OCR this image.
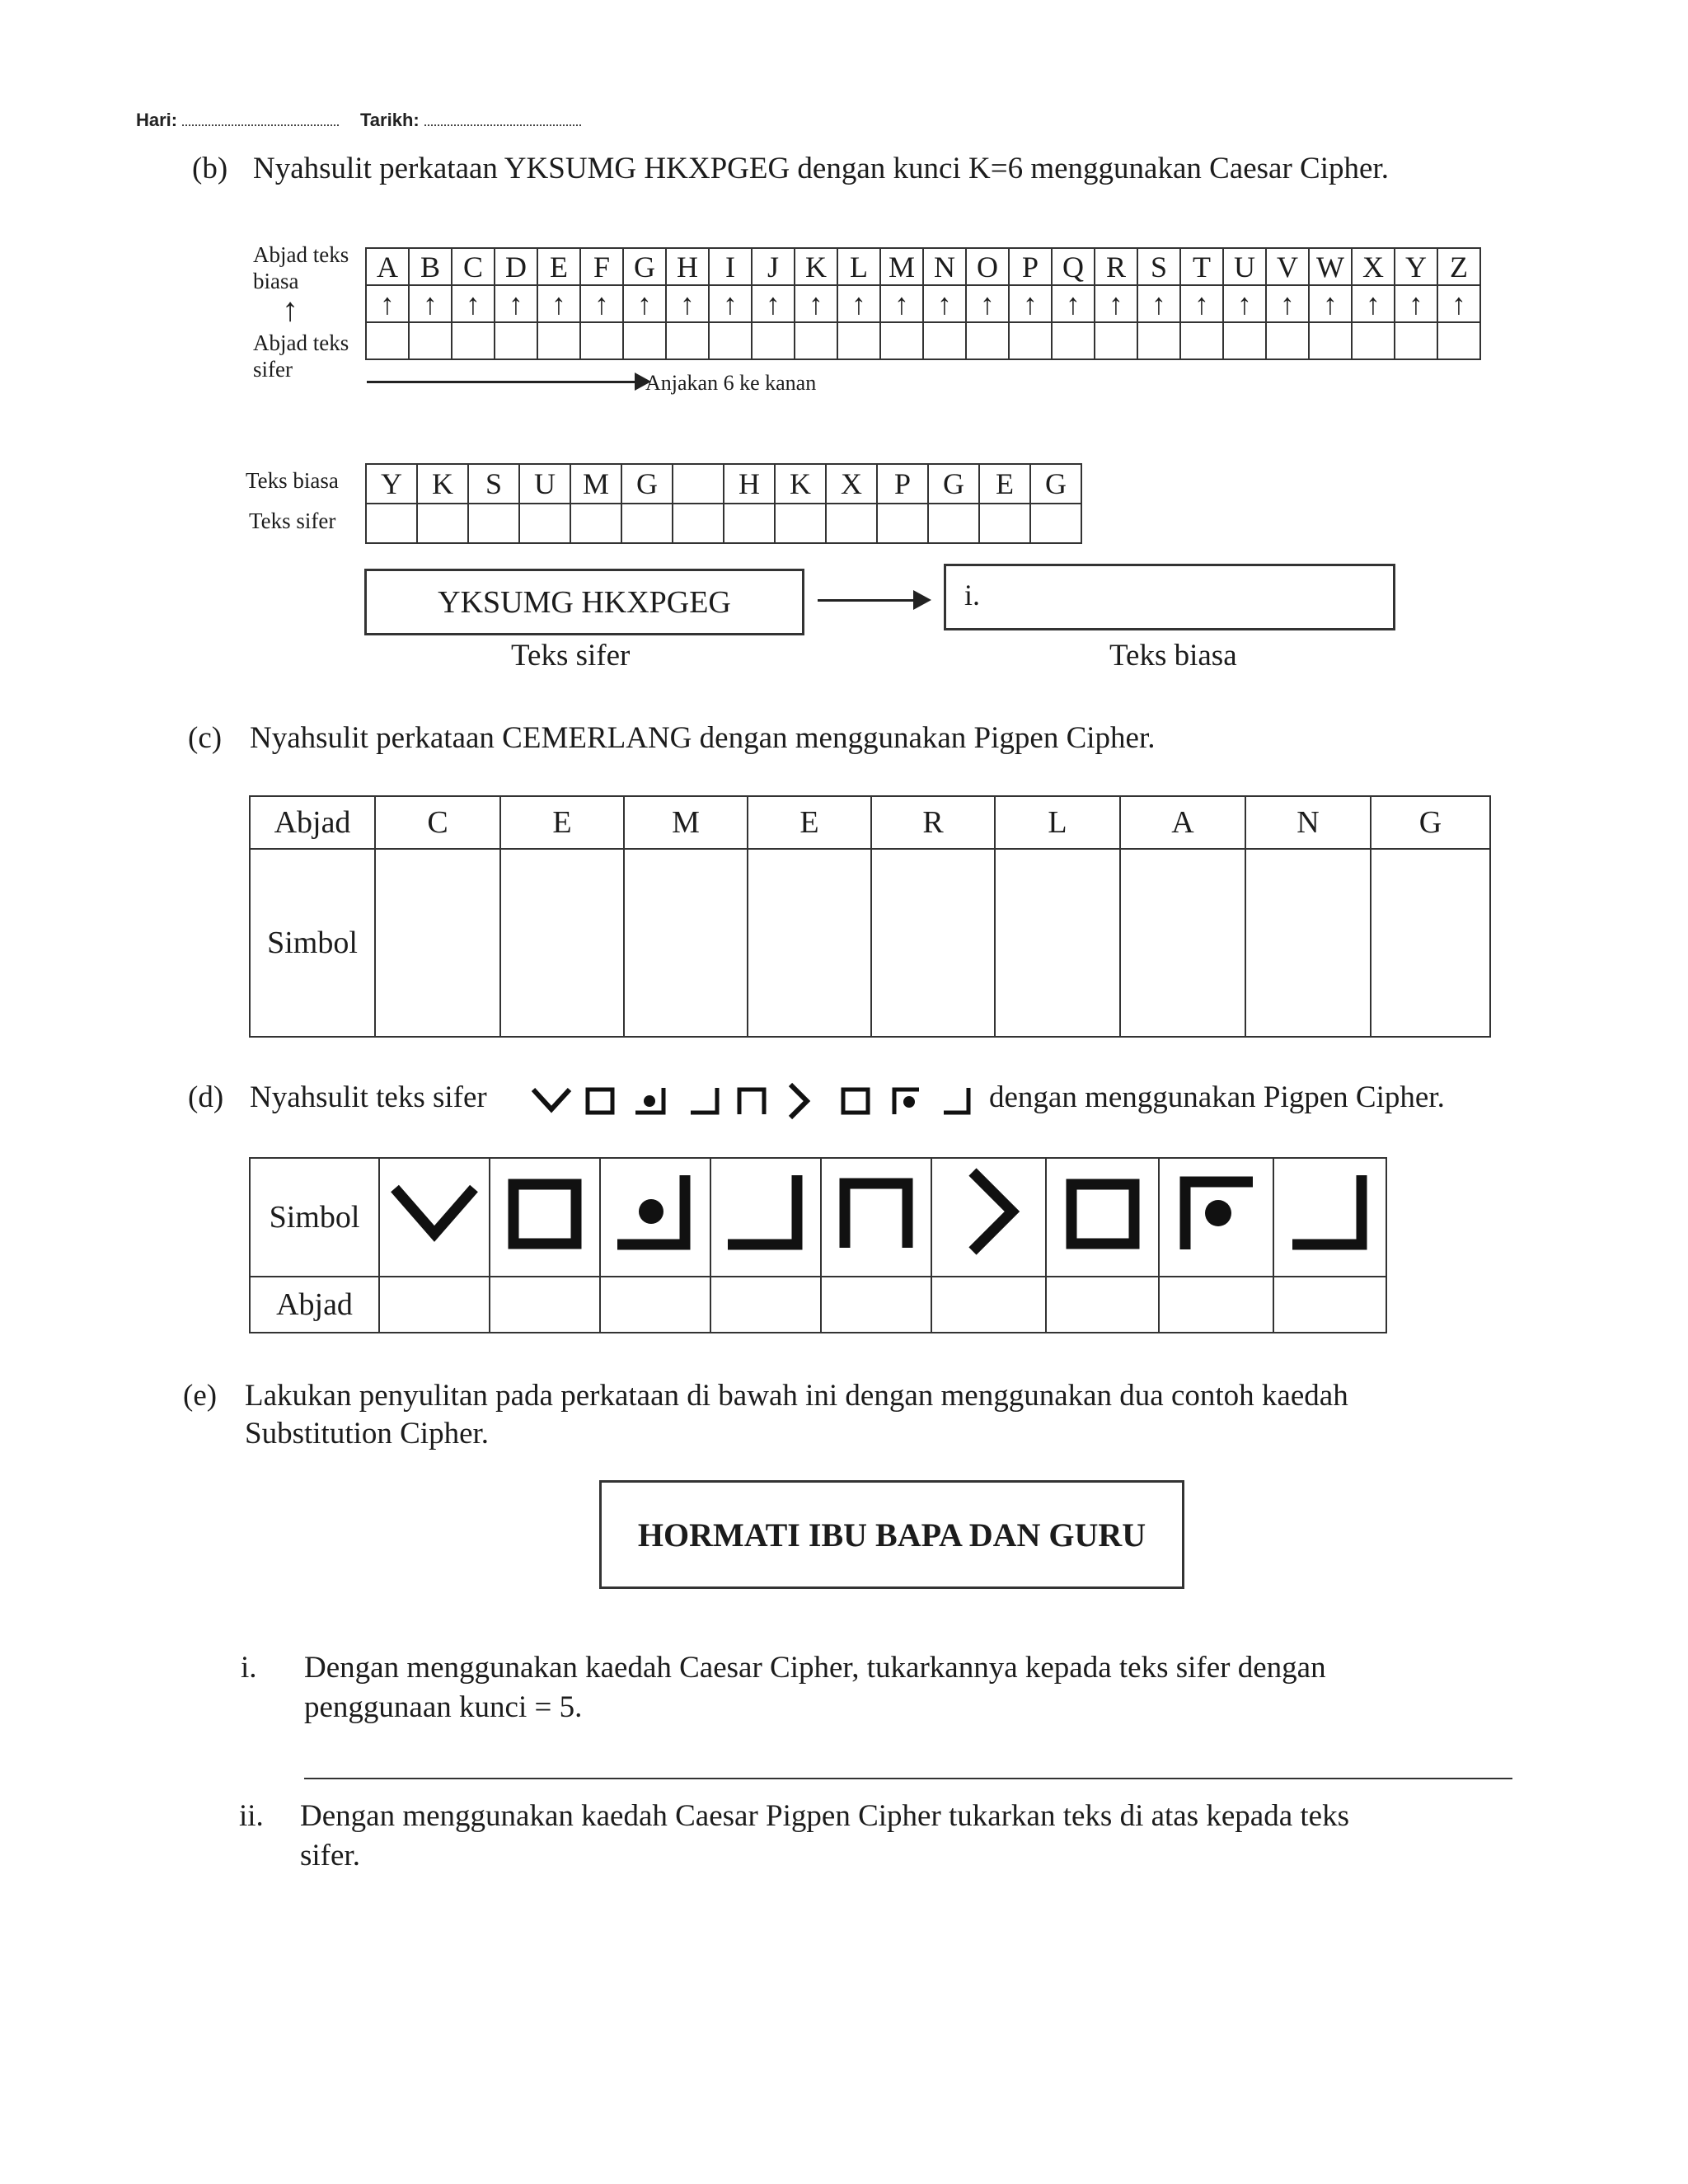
Hari:	Tarikh:
(b) Nyahsulit perkataan YKSUMG HKXPGEG dengan kunci K=6 menggunakan Caesar Cipher.
Abjad teks biasa
↑
Abjad teks sifer
A	B	C	D	E	F	G	H	I	J	K	L	M	N	O	P	Q	R	S	T	U	V	W	X	Y	Z
↑	↑	↑	↑	↑	↑	↑	↑	↑	↑	↑	↑	↑	↑	↑	↑	↑	↑	↑	↑	↑	↑	↑	↑	↑	↑

Anjakan 6 ke kanan
Teks biasa
Teks sifer
Y	K	S	U	M	G		H	K	X	P	G	E	G

YKSUMG HKXPGEG	i.
Teks sifer	Teks biasa
(c) Nyahsulit perkataan CEMERLANG dengan menggunakan Pigpen Cipher.
Abjad	C	E	M	E	R	L	A	N	G
Simbol									
(d) Nyahsulit teks sifer	dengan menggunakan Pigpen Cipher.
Simbol									
Abjad									
(e) Lakukan penyulitan pada perkataan di bawah ini dengan menggunakan dua contoh kaedah
Substitution Cipher.
HORMATI IBU BAPA DAN GURU
i. Dengan menggunakan kaedah Caesar Cipher, tukarkannya kepada teks sifer dengan
penggunaan kunci = 5.
ii. Dengan menggunakan kaedah Caesar Pigpen Cipher tukarkan teks di atas kepada teks
sifer.
